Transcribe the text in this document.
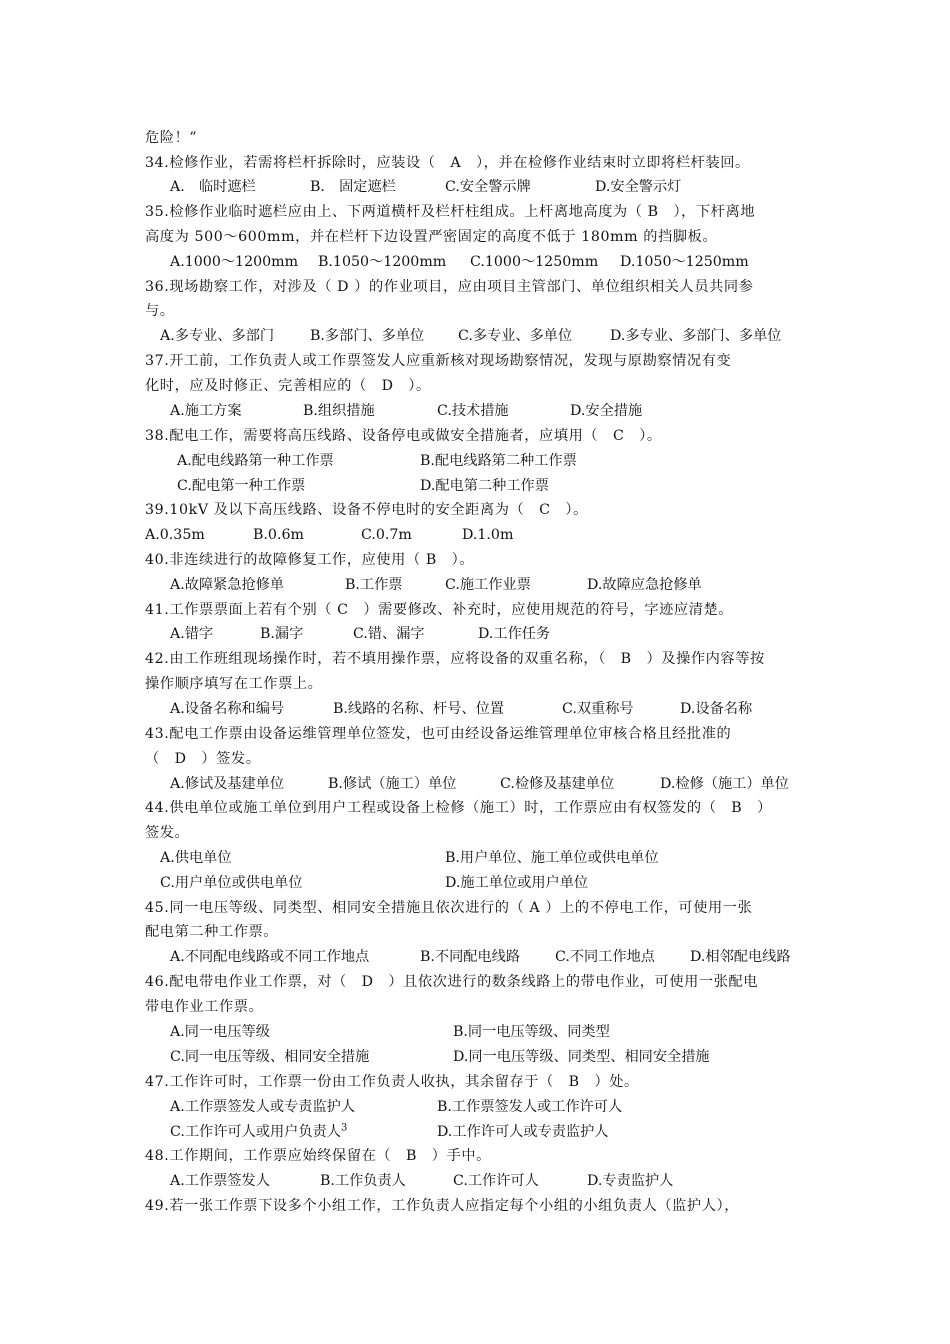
危险！”
34.检修作业，若需将栏杆拆除时，应装设（　A　），并在检修作业结束时立即将栏杆装回。
A.　临时遮栏	B.　固定遮栏	C.安全警示牌	D.安全警示灯
35.检修作业临时遮栏应由上、下两道横杆及栏杆柱组成。上杆离地高度为（ B　），下杆离地
高度为 500～600mm，并在栏杆下边设置严密固定的高度不低于 180mm 的挡脚板。
A.1000～1200mm B.1050～1200mm C.1000～1250mm D.1050～1250mm
36.现场勘察工作，对涉及（ D ）的作业项目，应由项目主管部门、单位组织相关人员共同参
与。
A.多专业、多部门	B.多部门、多单位 C.多专业、多单位	D.多专业、多部门、多单位
37.开工前，工作负责人或工作票签发人应重新核对现场勘察情况，发现与原勘察情况有变
化时，应及时修正、完善相应的（　D　）。
A.施工方案	B.组织措施	C.技术措施	D.安全措施
38.配电工作，需要将高压线路、设备停电或做安全措施者，应填用（　C　）。
A.配电线路第一种工作票	B.配电线路第二种工作票
C.配电第一种工作票	D.配电第二种工作票
39.10kV 及以下高压线路、设备不停电时的安全距离为（　C　）。
A.0.35m	B.0.6m	C.0.7m	D.1.0m
40.非连续进行的故障修复工作，应使用（ B　）。
A.故障紧急抢修单	B.工作票	C.施工作业票	D.故障应急抢修单
41.工作票票面上若有个别（ C　）需要修改、补充时，应使用规范的符号，字迹应清楚。
A.错字	B.漏字	C.错、漏字	D.工作任务
42.由工作班组现场操作时，若不填用操作票，应将设备的双重名称，（　B　）及操作内容等按
操作顺序填写在工作票上。
A.设备名称和编号	B.线路的名称、杆号、位置	C.双重称号	D.设备名称
43.配电工作票由设备运维管理单位签发，也可由经设备运维管理单位审核合格且经批准的
（　D　）签发。
A.修试及基建单位	B.修试（施工）单位	C.检修及基建单位	D.检修（施工）单位
44.供电单位或施工单位到用户工程或设备上检修（施工）时，工作票应由有权签发的（　B　）
签发。
A.供电单位	B.用户单位、施工单位或供电单位
C.用户单位或供电单位	D.施工单位或用户单位
45.同一电压等级、同类型、相同安全措施且依次进行的（ A ）上的不停电工作，可使用一张
配电第二种工作票。
A.不同配电线路或不同工作地点	B.不同配电线路 C.不同工作地点 D.相邻配电线路
46.配电带电作业工作票，对（　D　）且依次进行的数条线路上的带电作业，可使用一张配电
带电作业工作票。
A.同一电压等级	B.同一电压等级、同类型
C.同一电压等级、相同安全措施	D.同一电压等级、同类型、相同安全措施
47.工作许可时，工作票一份由工作负责人收执，其余留存于（　B　）处。
A.工作票签发人或专责监护人	B.工作票签发人或工作许可人
C.工作许可人或用户负责人$^3$	D.工作许可人或专责监护人
48.工作期间，工作票应始终保留在（　B　）手中。
A.工作票签发人	B.工作负责人	C.工作许可人	D.专责监护人
49.若一张工作票下设多个小组工作，工作负责人应指定每个小组的小组负责人（监护人），
